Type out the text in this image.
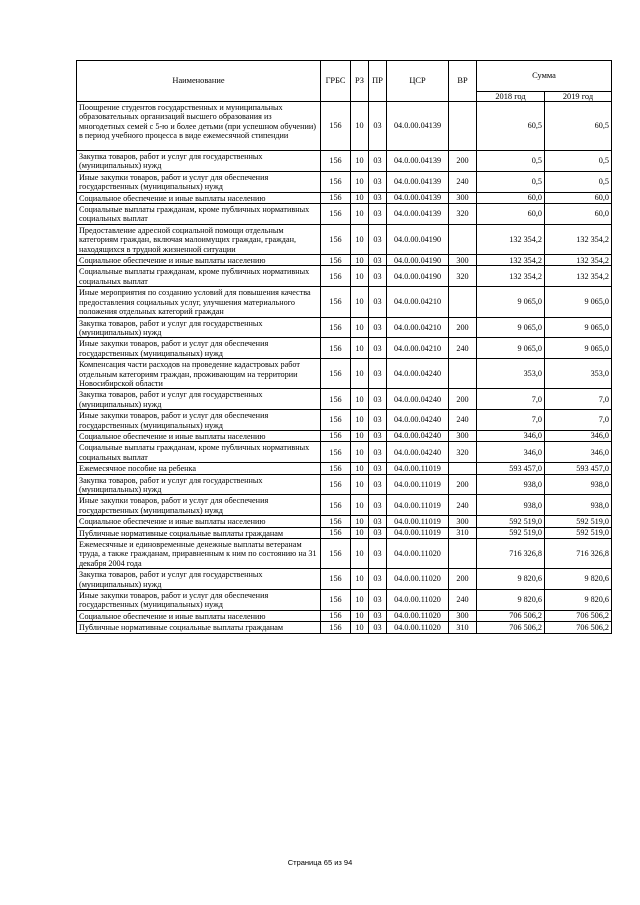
Наименование	ГРБС	РЗ	ПР	ЦСР	ВР	Сумма	
						2018 год	2019 год
Поощрение студентов государственных и муниципальных образовательных организаций высшего образования из многодетных семей с 5-ю и более детьми (при успешном обучении) в период учебного процесса в виде ежемесячной стипендии	156	10	03	04.0.00.04139		60,5	60,5
Закупка товаров, работ и услуг для государственных (муниципальных) нужд	156	10	03	04.0.00.04139	200	0,5	0,5
Иные закупки товаров, работ и услуг для обеспечения государственных (муниципальных) нужд	156	10	03	04.0.00.04139	240	0,5	0,5
Социальное обеспечение и иные выплаты населению	156	10	03	04.0.00.04139	300	60,0	60,0
Социальные выплаты гражданам, кроме публичных нормативных социальных выплат	156	10	03	04.0.00.04139	320	60,0	60,0
Предоставление адресной социальной помощи отдельным категориям граждан, включая малоимущих граждан, граждан, находящихся в трудной жизненной ситуации	156	10	03	04.0.00.04190		132 354,2	132 354,2
Социальное обеспечение и иные выплаты населению	156	10	03	04.0.00.04190	300	132 354,2	132 354,2
Социальные выплаты гражданам, кроме публичных нормативных социальных выплат	156	10	03	04.0.00.04190	320	132 354,2	132 354,2
Иные мероприятия по созданию условий для повышения качества предоставления социальных услуг, улучшения материального положения отдельных категорий граждан	156	10	03	04.0.00.04210		9 065,0	9 065,0
Закупка товаров, работ и услуг для государственных (муниципальных) нужд	156	10	03	04.0.00.04210	200	9 065,0	9 065,0
Иные закупки товаров, работ и услуг для обеспечения государственных (муниципальных) нужд	156	10	03	04.0.00.04210	240	9 065,0	9 065,0
Компенсация части расходов на проведение кадастровых работ отдельным категориям граждан, проживающим на территории Новосибирской области	156	10	03	04.0.00.04240		353,0	353,0
Закупка товаров, работ и услуг для государственных (муниципальных) нужд	156	10	03	04.0.00.04240	200	7,0	7,0
Иные закупки товаров, работ и услуг для обеспечения государственных (муниципальных) нужд	156	10	03	04.0.00.04240	240	7,0	7,0
Социальное обеспечение и иные выплаты населению	156	10	03	04.0.00.04240	300	346,0	346,0
Социальные выплаты гражданам, кроме публичных нормативных социальных выплат	156	10	03	04.0.00.04240	320	346,0	346,0
Ежемесячное пособие на ребенка	156	10	03	04.0.00.11019		593 457,0	593 457,0
Закупка товаров, работ и услуг для государственных (муниципальных) нужд	156	10	03	04.0.00.11019	200	938,0	938,0
Иные закупки товаров, работ и услуг для обеспечения государственных (муниципальных) нужд	156	10	03	04.0.00.11019	240	938,0	938,0
Социальное обеспечение и иные выплаты населению	156	10	03	04.0.00.11019	300	592 519,0	592 519,0
Публичные нормативные социальные выплаты гражданам	156	10	03	04.0.00.11019	310	592 519,0	592 519,0
Ежемесячные и единовременные денежные выплаты ветеранам труда, а также гражданам, приравненным к ним по состоянию на 31 декабря 2004 года	156	10	03	04.0.00.11020		716 326,8	716 326,8
Закупка товаров, работ и услуг для государственных (муниципальных) нужд	156	10	03	04.0.00.11020	200	9 820,6	9 820,6
Иные закупки товаров, работ и услуг для обеспечения государственных (муниципальных) нужд	156	10	03	04.0.00.11020	240	9 820,6	9 820,6
Социальное обеспечение и иные выплаты населению	156	10	03	04.0.00.11020	300	706 506,2	706 506,2
Публичные нормативные социальные выплаты гражданам	156	10	03	04.0.00.11020	310	706 506,2	706 506,2
Страница 65 из 94
